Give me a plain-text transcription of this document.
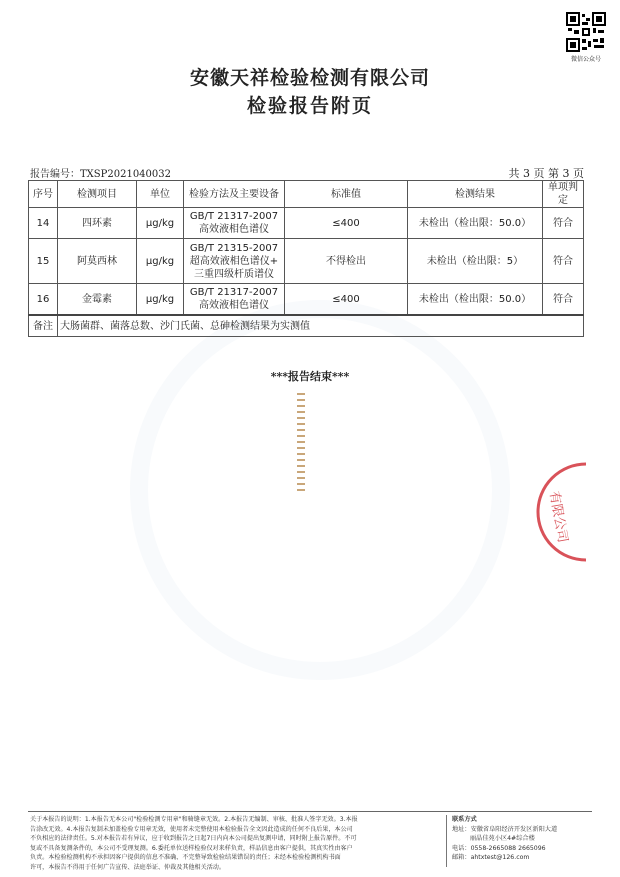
微信公众号
安徽天祥检验检测有限公司
检验报告附页
报告编号：TXSP2021040032	共 3 页 第 3 页
序号	检测项目	单位	检验方法及主要设备	标准值	检测结果	单项判定
14	四环素	μg/kg	GB/T 21317-2007
高效液相色谱仪	≤400	未检出（检出限：50.0）	符合
15	阿莫西林	μg/kg	GB/T 21315-2007
超高效液相色谱仪+
三重四级杆质谱仪	不得检出	未检出（检出限：5）	符合
16	金霉素	μg/kg	GB/T 21317-2007
高效液相色谱仪	≤400	未检出（检出限：50.0）	符合
备注	大肠菌群、菌落总数、沙门氏菌、总砷检测结果为实测值					
***报告结束***
有限公司
关于本报告的说明：1.本报告无本公司"检验检测专用章"和骑缝章无效。2.本报告无编制、审核、批准人签字无效。3.本报
告涂改无效。4.本报告复制未加盖检验专用章无效，使用者未完整使用本检验报告全文因此造成的任何不良后果，本公司
不负相应的法律责任。5.对本报告若有异议，应于收到报告之日起7日内向本公司提出复测申请，同时附上报告原件。不可
复或不具备复测条件的，本公司不受理复测。6.委托单位送样检验仅对来样负责，样品信息由客户提供，其真实性由客户
负责。本检验检测机构不承担因客户提供的信息不准确、不完整导致检验结果错误的责任；未经本检验检测机构书面
许可，本报告不得用于任何广告宣传、法庭举证、仲裁及其他相关活动。
联系方式
地址：安徽省阜阳经济开发区新阳大道
丽晶佳苑小区4#综合楼
电话：0558-2665088 2665096
邮箱：ahtxtest@126.com
